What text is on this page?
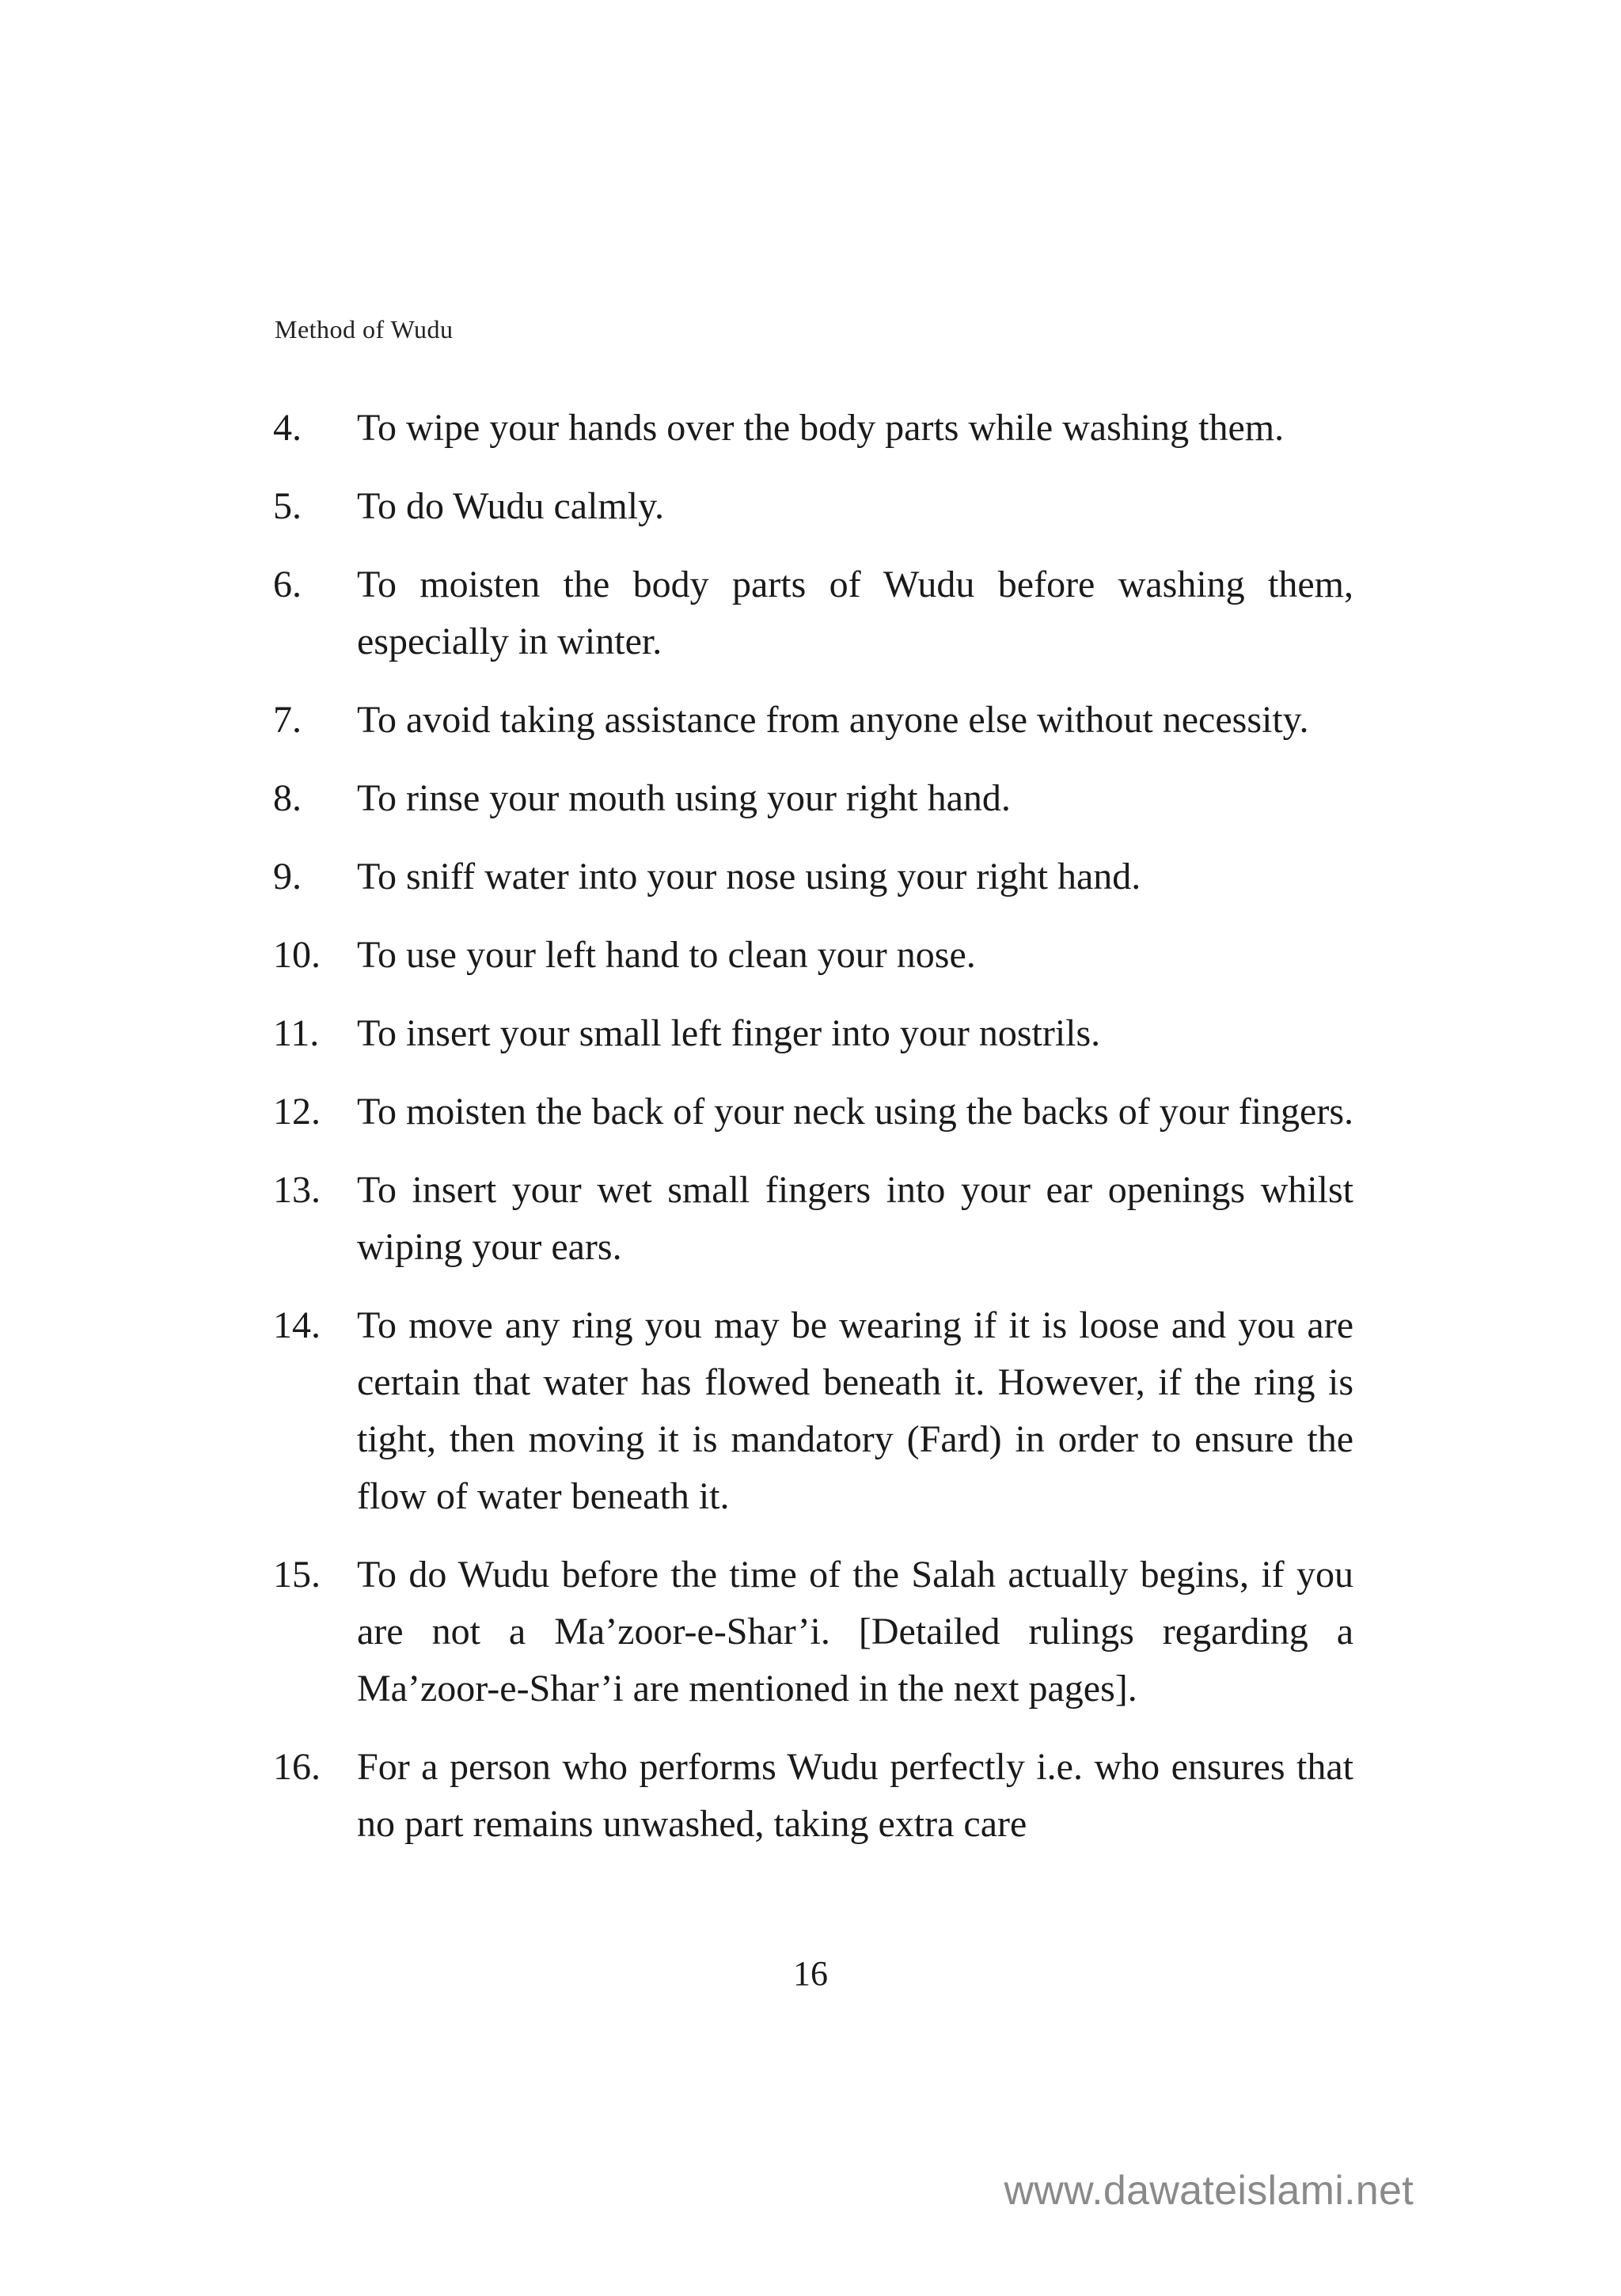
Method of Wudu
4. To wipe your hands over the body parts while washing them.
5. To do Wudu calmly.
6. To moisten the body parts of Wudu before washing them, especially in winter.
7. To avoid taking assistance from anyone else without necessity.
8. To rinse your mouth using your right hand.
9. To sniff water into your nose using your right hand.
10. To use your left hand to clean your nose.
11. To insert your small left finger into your nostrils.
12. To moisten the back of your neck using the backs of your fingers.
13. To insert your wet small fingers into your ear openings whilst wiping your ears.
14. To move any ring you may be wearing if it is loose and you are certain that water has flowed beneath it. However, if the ring is tight, then moving it is mandatory (Fard) in order to ensure the flow of water beneath it.
15. To do Wudu before the time of the Salah actually begins, if you are not a Ma’zoor-e-Shar’i. [Detailed rulings regarding a Ma’zoor-e-Shar’i are mentioned in the next pages].
16. For a person who performs Wudu perfectly i.e. who ensures that no part remains unwashed, taking extra care
16
www.dawateislami.net
